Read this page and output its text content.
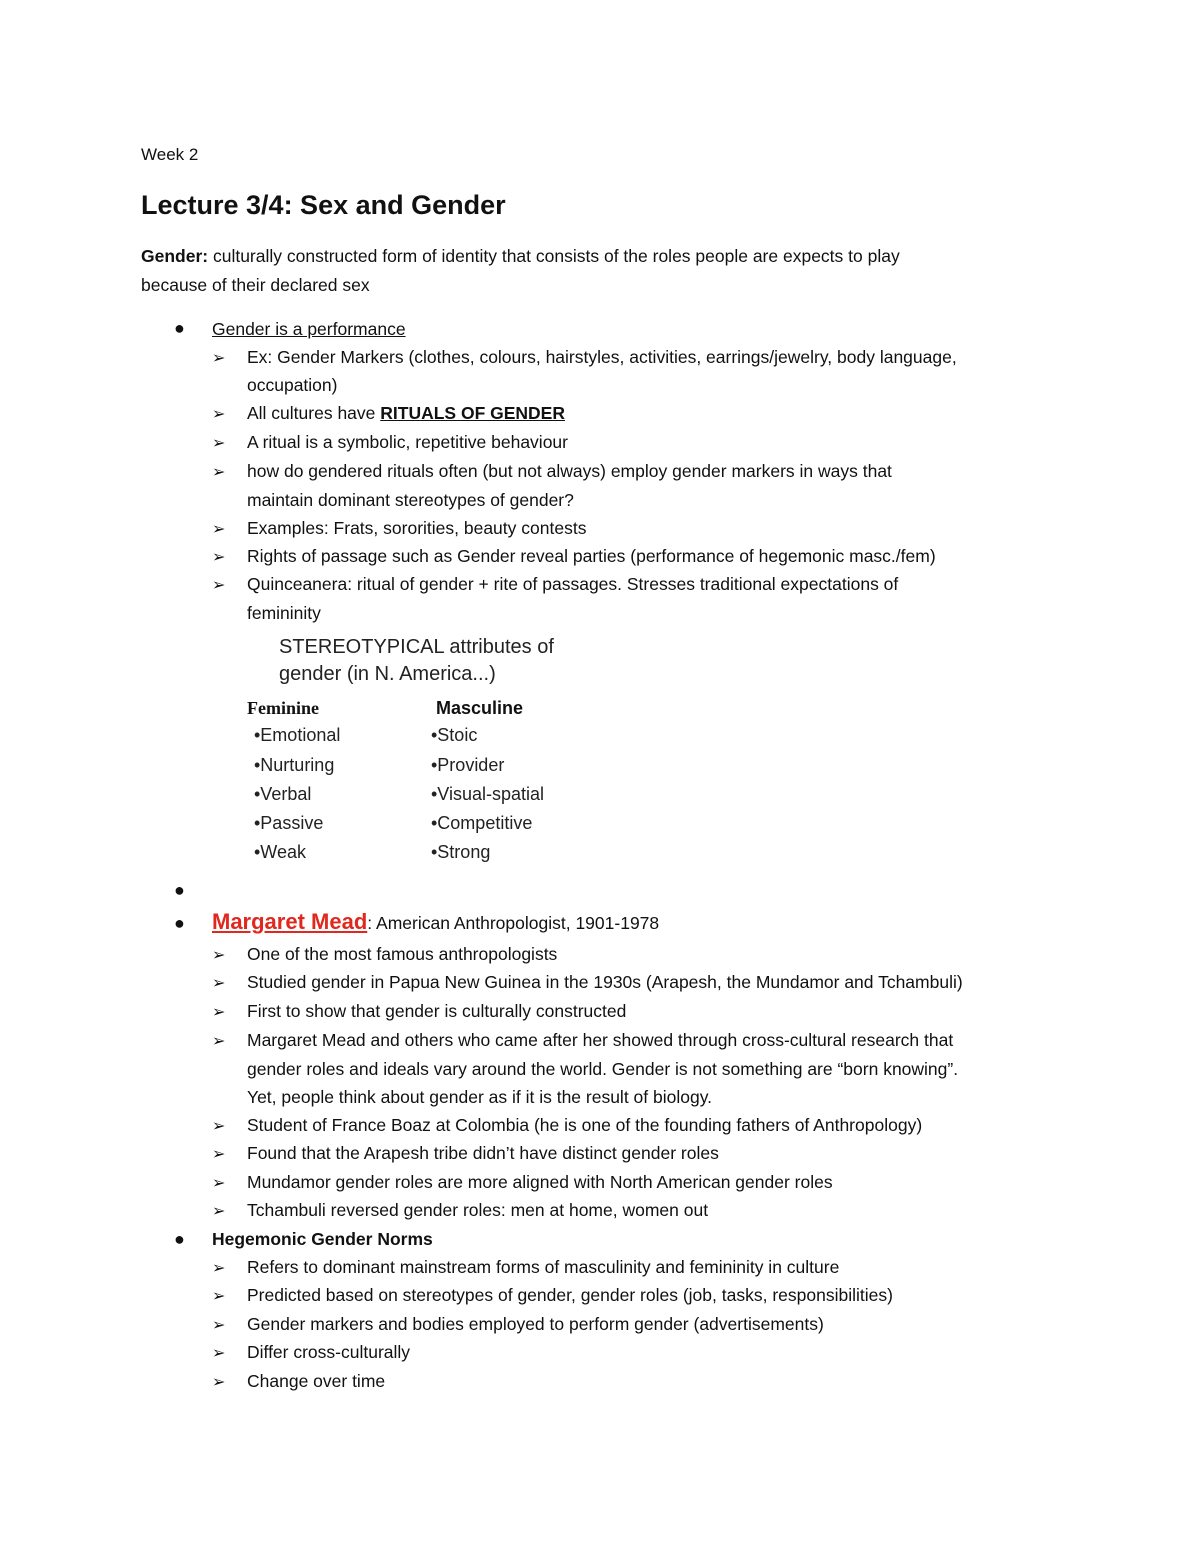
Week 2
Lecture 3/4: Sex and Gender
Gender: culturally constructed form of identity that consists of the roles people are expects to play
because of their declared sex
● Gender is a performance
➢ Ex: Gender Markers (clothes, colours, hairstyles, activities, earrings/jewelry, body language,
occupation)
➢ All cultures have RITUALS OF GENDER
➢ A ritual is a symbolic, repetitive behaviour
➢ how do gendered rituals often (but not always) employ gender markers in ways that
maintain dominant stereotypes of gender?
➢ Examples: Frats, sororities, beauty contests
➢ Rights of passage such as Gender reveal parties (performance of hegemonic masc./fem)
➢ Quinceanera: ritual of gender + rite of passages. Stresses traditional expectations of
femininity
STEREOTYPICAL attributes of
gender (in N. America...)
Feminine	Masculine
•Emotional
•Nurturing
•Verbal
•Passive
•Weak
•Stoic
•Provider
•Visual-spatial
•Competitive
•Strong
●
● Margaret Mead: American Anthropologist, 1901-1978
➢ One of the most famous anthropologists
➢ Studied gender in Papua New Guinea in the 1930s (Arapesh, the Mundamor and Tchambuli)
➢ First to show that gender is culturally constructed
➢ Margaret Mead and others who came after her showed through cross-cultural research that
gender roles and ideals vary around the world. Gender is not something are “born knowing”.
Yet, people think about gender as if it is the result of biology.
➢ Student of France Boaz at Colombia (he is one of the founding fathers of Anthropology)
➢ Found that the Arapesh tribe didn’t have distinct gender roles
➢ Mundamor gender roles are more aligned with North American gender roles
➢ Tchambuli reversed gender roles: men at home, women out
● Hegemonic Gender Norms
➢ Refers to dominant mainstream forms of masculinity and femininity in culture
➢ Predicted based on stereotypes of gender, gender roles (job, tasks, responsibilities)
➢ Gender markers and bodies employed to perform gender (advertisements)
➢ Differ cross-culturally
➢ Change over time
